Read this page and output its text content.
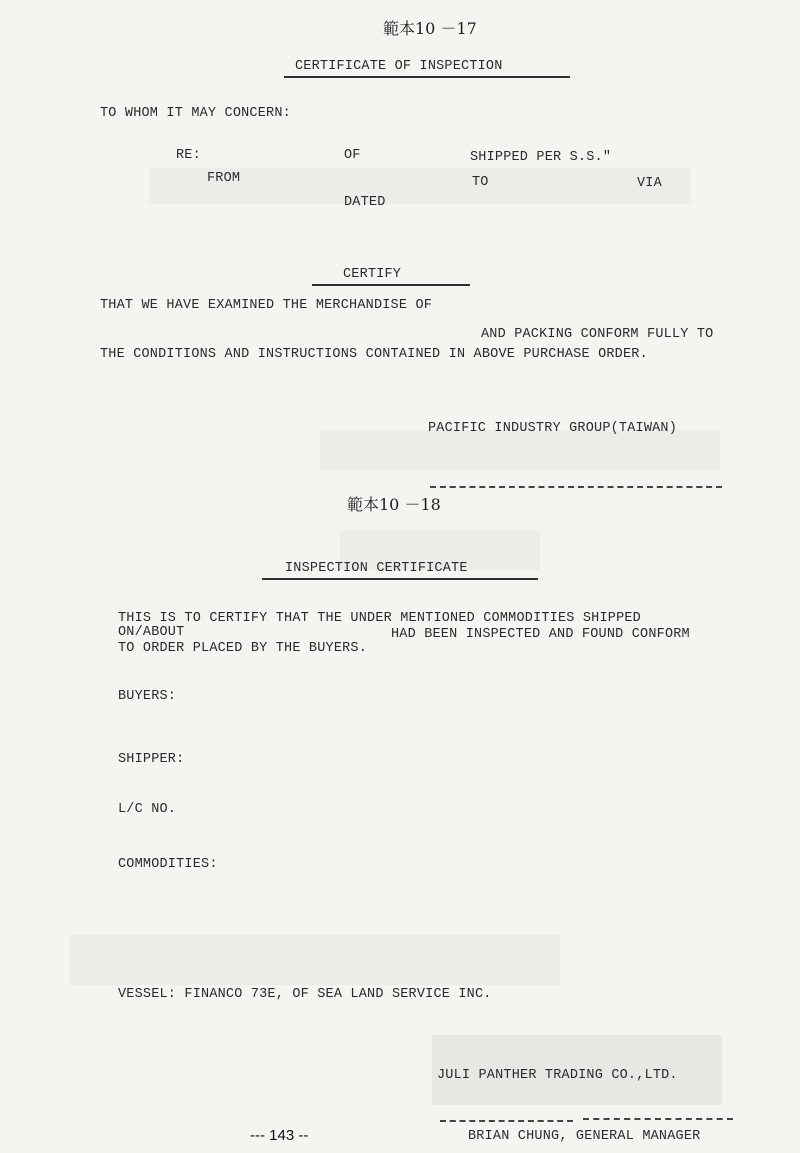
範本10 －17
CERTIFICATE OF INSPECTION
TO WHOM IT MAY CONCERN:
RE:	OF	SHIPPED PER S.S."
FROM	TO	VIA
DATED
CERTIFY
THAT WE HAVE EXAMINED THE MERCHANDISE OF
AND PACKING CONFORM FULLY TO
THE CONDITIONS AND INSTRUCTIONS CONTAINED IN ABOVE PURCHASE ORDER.
PACIFIC INDUSTRY GROUP(TAIWAN)
範本10 －18
INSPECTION CERTIFICATE
THIS IS TO CERTIFY THAT THE UNDER MENTIONED COMMODITIES SHIPPED
ON/ABOUT	HAD BEEN INSPECTED AND FOUND CONFORM
TO ORDER PLACED BY THE BUYERS.
BUYERS:
SHIPPER:
L/C NO.
COMMODITIES:
VESSEL: FINANCO 73E, OF SEA LAND SERVICE INC.
JULI PANTHER TRADING CO.,LTD.
BRIAN CHUNG, GENERAL MANAGER
--- 143 --
